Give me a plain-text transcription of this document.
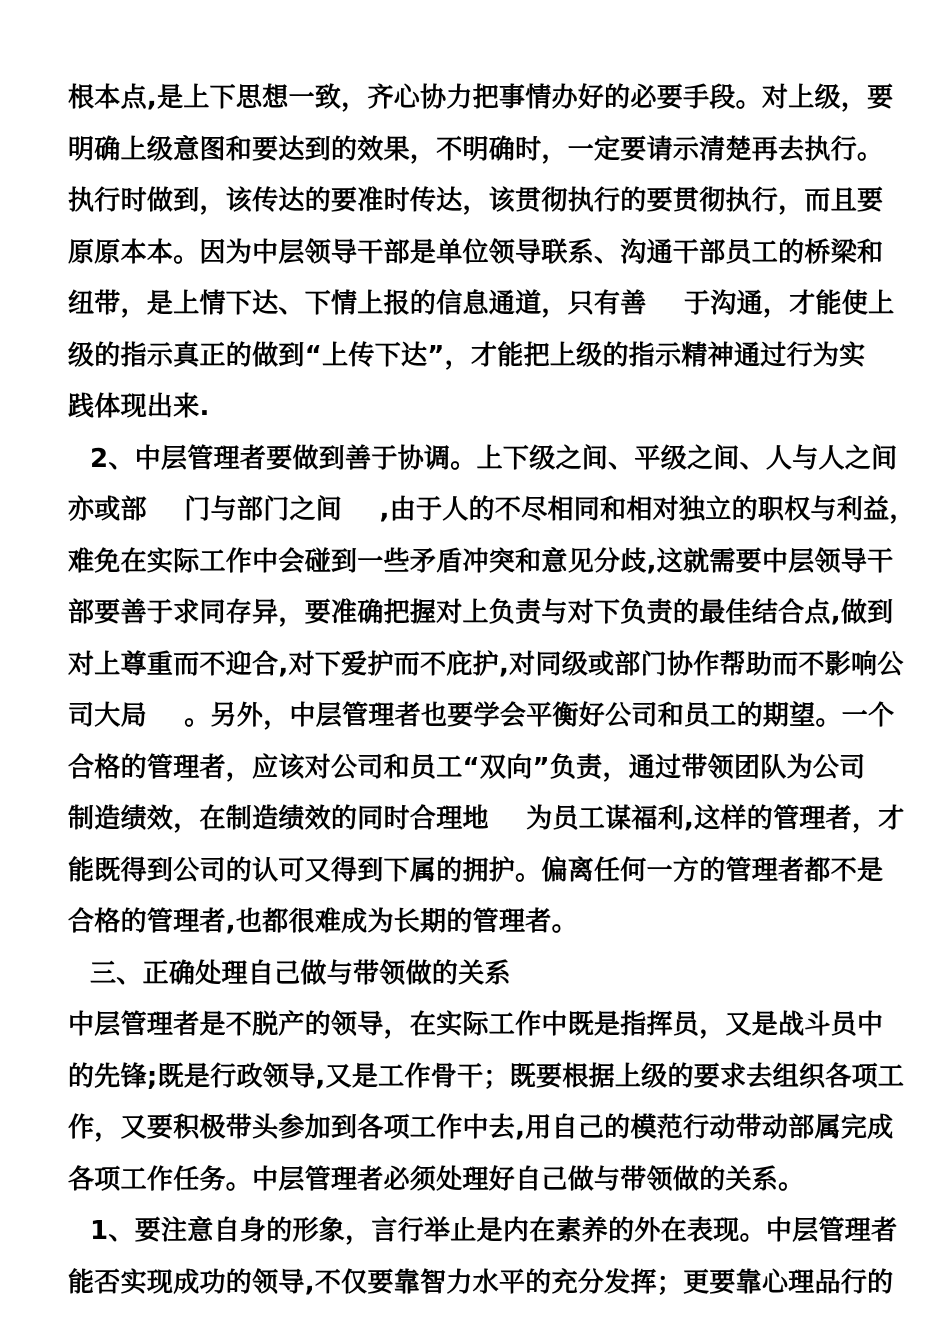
根本点,是上下思想一致，齐心协力把事情办好的必要手段。对上级，要
明确上级意图和要达到的效果，不明确时，一定要请示清楚再去执行。
执行时做到，该传达的要准时传达，该贯彻执行的要贯彻执行，而且要
原原本本。因为中层领导干部是单位领导联系、沟通干部员工的桥梁和
纽带，是上情下达、下情上报的信息通道，只有善    于沟通，才能使上
级的指示真正的做到“上传下达”，才能把上级的指示精神通过行为实
践体现出来.
2、中层管理者要做到善于协调。上下级之间、平级之间、人与人之间
亦或部    门与部门之间    ,由于人的不尽相同和相对独立的职权与利益，
难免在实际工作中会碰到一些矛盾冲突和意见分歧,这就需要中层领导干
部要善于求同存异，要准确把握对上负责与对下负责的最佳结合点,做到
对上尊重而不迎合,对下爱护而不庇护,对同级或部门协作帮助而不影响公
司大局    。另外，中层管理者也要学会平衡好公司和员工的期望。一个
合格的管理者，应该对公司和员工“双向”负责，通过带领团队为公司
制造绩效，在制造绩效的同时合理地    为员工谋福利,这样的管理者，才
能既得到公司的认可又得到下属的拥护。偏离任何一方的管理者都不是
合格的管理者,也都很难成为长期的管理者。
三、正确处理自己做与带领做的关系
中层管理者是不脱产的领导，在实际工作中既是指挥员，又是战斗员中
的先锋;既是行政领导,又是工作骨干；既要根据上级的要求去组织各项工
作，又要积极带头参加到各项工作中去,用自己的模范行动带动部属完成
各项工作任务。中层管理者必须处理好自己做与带领做的关系。
1、要注意自身的形象，言行举止是内在素养的外在表现。中层管理者
能否实现成功的领导,不仅要靠智力水平的充分发挥；更要靠心理品行的
